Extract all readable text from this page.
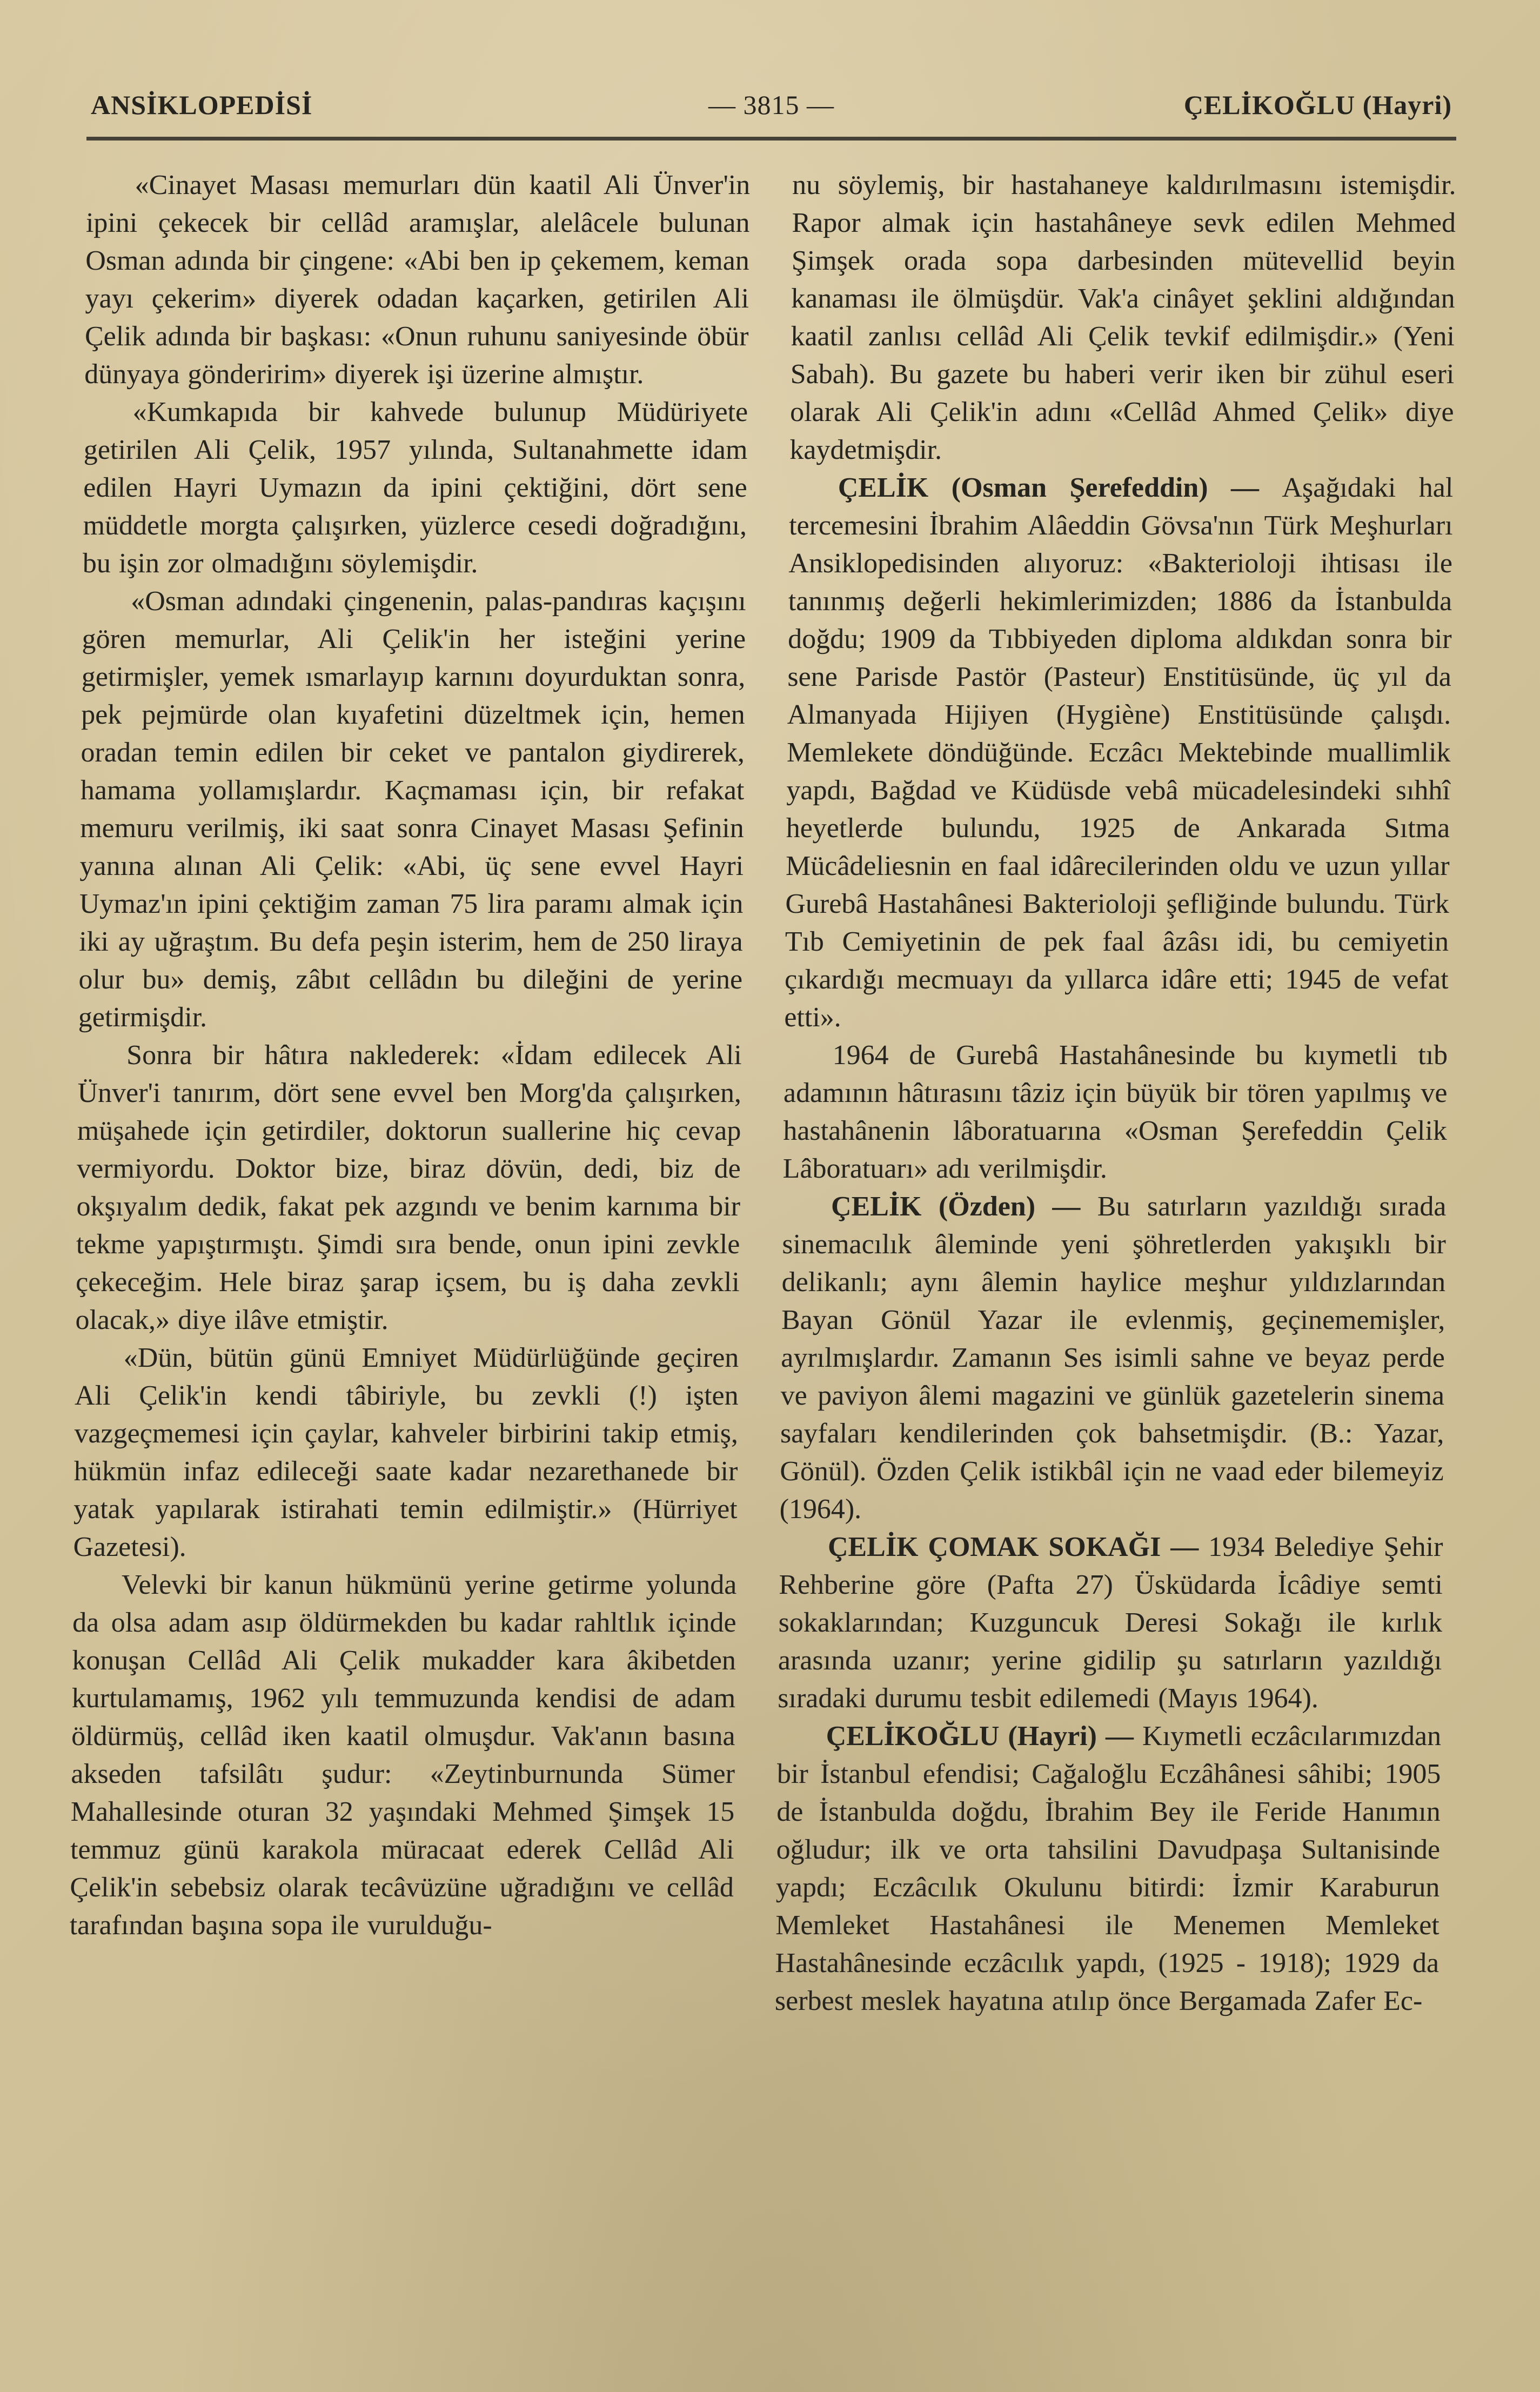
ANSİKLOPEDİSİ	— 3815 —	ÇELİKOĞLU (Hayri)

«Cinayet Masası memurları dün kaatil Ali Ünver'in ipini çekecek bir cellâd aramışlar, alelâcele bulunan Osman adında bir çingene: «Abi ben ip çekemem, keman yayı çekerim» diyerek odadan kaçarken, getirilen Ali Çelik adında bir başkası: «Onun ruhunu saniyesinde öbür dünyaya gönderirim» diyerek işi üzerine almıştır.

«Kumkapıda bir kahvede bulunup Müdüriyete getirilen Ali Çelik, 1957 yılında, Sultanahmette idam edilen Hayri Uymazın da ipini çektiğini, dört sene müddetle morgta çalışırken, yüzlerce cesedi doğradığını, bu işin zor olmadığını söylemişdir.

«Osman adındaki çingenenin, palas-pandıras kaçışını gören memurlar, Ali Çelik'in her isteğini yerine getirmişler, yemek ısmarlayıp karnını doyurduktan sonra, pek pejmürde olan kıyafetini düzeltmek için, hemen oradan temin edilen bir ceket ve pantalon giydirerek, hamama yollamışlardır. Kaçmaması için, bir refakat memuru verilmiş, iki saat sonra Cinayet Masası Şefinin yanına alınan Ali Çelik: «Abi, üç sene evvel Hayri Uymaz'ın ipini çektiğim zaman 75 lira paramı almak için iki ay uğraştım. Bu defa peşin isterim, hem de 250 liraya olur bu» demiş, zâbıt cellâdın bu dileğini de yerine getirmişdir.

Sonra bir hâtıra naklederek: «İdam edilecek Ali Ünver'i tanırım, dört sene evvel ben Morg'da çalışırken, müşahede için getirdiler, doktorun suallerine hiç cevap vermiyordu. Doktor bize, biraz dövün, dedi, biz de okşıyalım dedik, fakat pek azgındı ve benim karnıma bir tekme yapıştırmıştı. Şimdi sıra bende, onun ipini zevkle çekeceğim. Hele biraz şarap içsem, bu iş daha zevkli olacak,» diye ilâve etmiştir.

«Dün, bütün günü Emniyet Müdürlüğünde geçiren Ali Çelik'in kendi tâbiriyle, bu zevkli (!) işten vazgeçmemesi için çaylar, kahveler birbirini takip etmiş, hükmün infaz edileceği saate kadar nezarethanede bir yatak yapılarak istirahati temin edilmiştir.» (Hürriyet Gazetesi).

Velevki bir kanun hükmünü yerine getirme yolunda da olsa adam asıp öldürmekden bu kadar rahltlık içinde konuşan Cellâd Ali Çelik mukadder kara âkibetden kurtulamamış, 1962 yılı temmuzunda kendisi de adam öldürmüş, cellâd iken kaatil olmuşdur. Vak'anın basına akseden tafsilâtı şudur: «Zeytinburnunda Sümer Mahallesinde oturan 32 yaşındaki Mehmed Şimşek 15 temmuz günü karakola müracaat ederek Cellâd Ali Çelik'in sebebsiz olarak tecâvüzüne uğradığını ve cellâd tarafından başına sopa ile vurulduğu-

nu söylemiş, bir hastahaneye kaldırılmasını istemişdir. Rapor almak için hastahâneye sevk edilen Mehmed Şimşek orada sopa darbesinden mütevellid beyin kanaması ile ölmüşdür. Vak'a cinâyet şeklini aldığından kaatil zanlısı cellâd Ali Çelik tevkif edilmişdir.» (Yeni Sabah). Bu gazete bu haberi verir iken bir zühul eseri olarak Ali Çelik'in adını «Cellâd Ahmed Çelik» diye kaydetmişdir.

ÇELİK (Osman Şerefeddin) — Aşağıdaki hal tercemesini İbrahim Alâeddin Gövsa'nın Türk Meşhurları Ansiklopedisinden alıyoruz: «Bakterioloji ihtisası ile tanınmış değerli hekimlerimizden; 1886 da İstanbulda doğdu; 1909 da Tıbbiyeden diploma aldıkdan sonra bir sene Parisde Pastör (Pasteur) Enstitüsünde, üç yıl da Almanyada Hijiyen (Hygiène) Enstitüsünde çalışdı. Memlekete döndüğünde. Eczâcı Mektebinde muallimlik yapdı, Bağdad ve Küdüsde vebâ mücadelesindeki sıhhî heyetlerde bulundu, 1925 de Ankarada Sıtma Mücâdeliesnin en faal idârecilerinden oldu ve uzun yıllar Gurebâ Hastahânesi Bakterioloji şefliğinde bulundu. Türk Tıb Cemiyetinin de pek faal âzâsı idi, bu cemiyetin çıkardığı mecmuayı da yıllarca idâre etti; 1945 de vefat etti».

1964 de Gurebâ Hastahânesinde bu kıymetli tıb adamının hâtırasını tâziz için büyük bir tören yapılmış ve hastahânenin lâboratuarına «Osman Şerefeddin Çelik Lâboratuarı» adı verilmişdir.

ÇELİK (Özden) — Bu satırların yazıldığı sırada sinemacılık âleminde yeni şöhretlerden yakışıklı bir delikanlı; aynı âlemin haylice meşhur yıldızlarından Bayan Gönül Yazar ile evlenmiş, geçinememişler, ayrılmışlardır. Zamanın Ses isimli sahne ve beyaz perde ve paviyon âlemi magazini ve günlük gazetelerin sinema sayfaları kendilerinden çok bahsetmişdir. (B.: Yazar, Gönül). Özden Çelik istikbâl için ne vaad eder bilemeyiz (1964).

ÇELİK ÇOMAK SOKAĞI — 1934 Belediye Şehir Rehberine göre (Pafta 27) Üsküdarda İcâdiye semti sokaklarından; Kuzguncuk Deresi Sokağı ile kırlık arasında uzanır; yerine gidilip şu satırların yazıldığı sıradaki durumu tesbit edilemedi (Mayıs 1964).

ÇELİKOĞLU (Hayri) — Kıymetli eczâcılarımızdan bir İstanbul efendisi; Cağaloğlu Eczâhânesi sâhibi; 1905 de İstanbulda doğdu, İbrahim Bey ile Feride Hanımın oğludur; ilk ve orta tahsilini Davudpaşa Sultanisinde yapdı; Eczâcılık Okulunu bitirdi: İzmir Karaburun Memleket Hastahânesi ile Menemen Memleket Hastahânesinde eczâcılık yapdı, (1925 - 1918); 1929 da serbest meslek hayatına atılıp önce Bergamada Zafer Ec-
